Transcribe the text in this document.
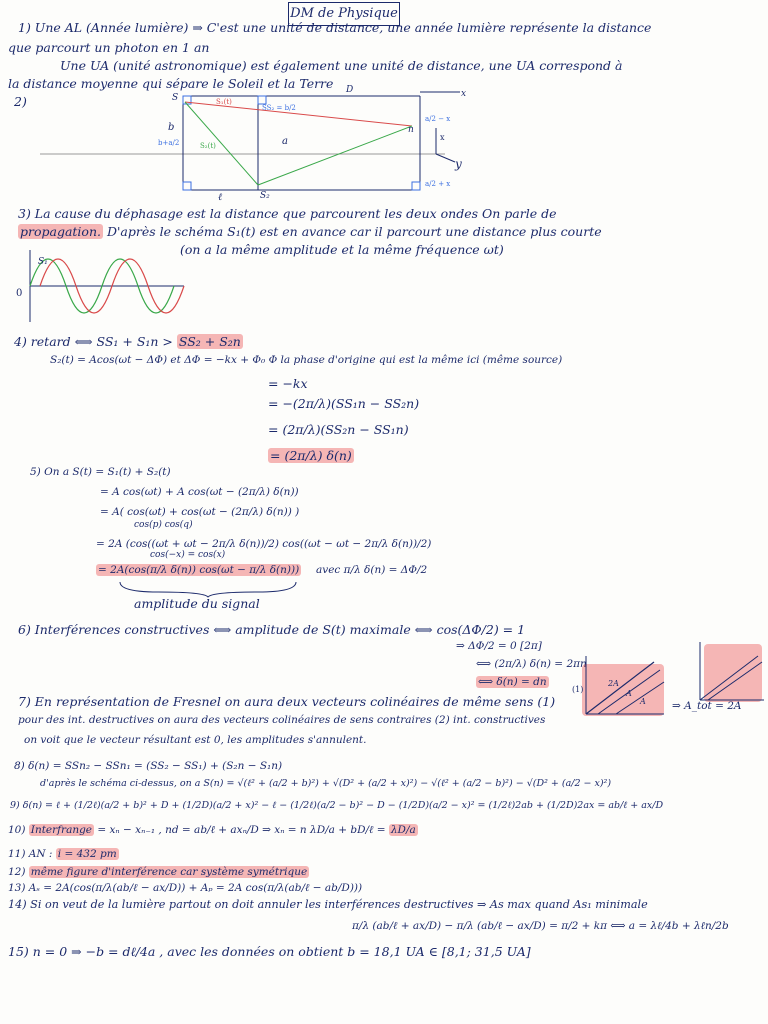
DM de Physique
1) Une AL (Année lumière) ⇒ C'est une unité de distance, une année lumière représente la distance
que parcourt un photon en 1 an
Une UA (unité astronomique) est également une unité de distance, une UA correspond à
la distance moyenne qui sépare le Soleil et la Terre
2)	S
S₂
S₁(t)
S₂(t)
b
b+a/2	a
ℓ
D	x
y
n
a/2 − x
a/2 + x
x
SS₂ = b/2
3) La cause du déphasage est la distance que parcourent les deux ondes On parle de
propagation. D'après le schéma S₁(t) est en avance car il parcourt une distance plus courte
(on a la même amplitude et la même fréquence ωt)
0
S₁
4) retard ⟺ SS₁ + S₁n > SS₂ + S₂n
S₂(t) = Acos(ωt − ΔΦ) et ΔΦ = −kx + Φ₀ Φ la phase d'origine qui est la même ici (même source)
= −kx
= −(2π/λ)(SS₁n − SS₂n)
= (2π/λ)(SS₂n − SS₁n)
= (2π/λ) δ(n)
5) On a S(t) = S₁(t) + S₂(t)
= A cos(ωt) + A cos(ωt − (2π/λ) δ(n))
= A( cos(ωt) + cos(ωt − (2π/λ) δ(n)) )
cos(p) cos(q)
= 2A (cos((ωt + ωt − 2π/λ δ(n))/2) cos((ωt − ωt − 2π/λ δ(n))/2)
cos(−x) = cos(x)
= 2A(cos(π/λ δ(n)) cos(ωt − π/λ δ(n))) avec π/λ δ(n) = ΔΦ/2
amplitude du signal
6) Interférences constructives ⟺ amplitude de S(t) maximale ⟺ cos(ΔΦ/2) = 1
⇒ ΔΦ/2 = 0 [2π]
⟺ (2π/λ) δ(n) = 2πn
⟺ δ(n) = dn	2A
A
A
(1)
7) En représentation de Fresnel on aura deux vecteurs colinéaires de même sens (1)	⇒ A_tot = 2A
pour des int. destructives on aura des vecteurs colinéaires de sens contraires (2) int. constructives
on voit que le vecteur résultant est 0, les amplitudes s'annulent.
8) δ(n) = SSn₂ − SSn₁ = (SS₂ − SS₁) + (S₂n − S₁n)
d'après le schéma ci-dessus, on a S(n) = √(ℓ² + (a/2 + b)²) + √(D² + (a/2 + x)²) − √(ℓ² + (a/2 − b)²) − √(D² + (a/2 − x)²)
9) δ(n) = ℓ + (1/2ℓ)(a/2 + b)² + D + (1/2D)(a/2 + x)² − ℓ − (1/2ℓ)(a/2 − b)² − D − (1/2D)(a/2 − x)² = (1/2ℓ)2ab + (1/2D)2ax = ab/ℓ + ax/D
10) Interfrange = xₙ − xₙ₋₁ , nd = ab/ℓ + axₙ/D ⇒ xₙ = n λD/a + bD/ℓ = λD/a
11) AN : i = 432 pm
12) même figure d'interférence car système symétrique
13) Aₛ = 2A(cos(π/λ(ab/ℓ − ax/D)) + Aₚ = 2A cos(π/λ(ab/ℓ − ab/D)))
14) Si on veut de la lumière partout on doit annuler les interférences destructives ⇒ As max quand As₁ minimale
π/λ (ab/ℓ + ax/D) − π/λ (ab/ℓ − ax/D) = π/2 + kπ ⟺ a = λℓ/4b + λℓn/2b
15) n = 0 ⇒ −b = dℓ/4a , avec les données on obtient b = 18,1 UA ∈ [8,1; 31,5 UA]
